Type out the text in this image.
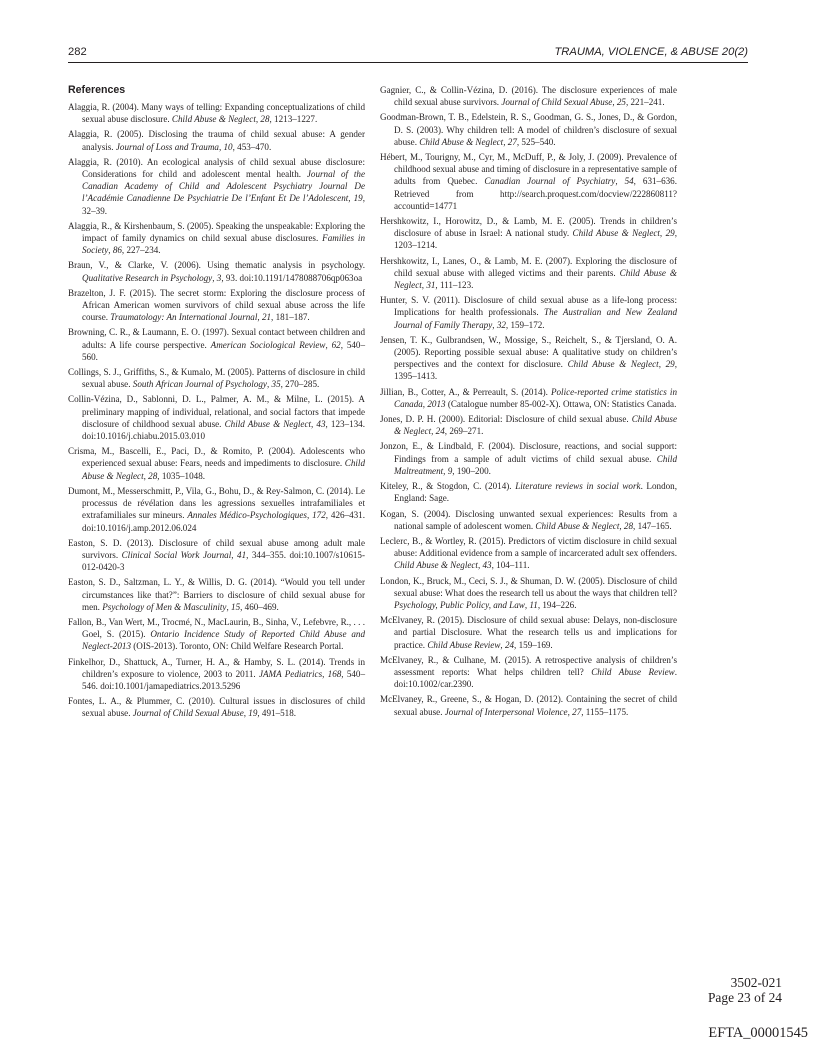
282	TRAUMA, VIOLENCE, & ABUSE 20(2)
References

Alaggia, R. (2004). Many ways of telling: Expanding conceptualizations of child sexual abuse disclosure. Child Abuse & Neglect, 28, 1213–1227.

Alaggia, R. (2005). Disclosing the trauma of child sexual abuse: A gender analysis. Journal of Loss and Trauma, 10, 453–470.

Alaggia, R. (2010). An ecological analysis of child sexual abuse disclosure: Considerations for child and adolescent mental health. Journal of the Canadian Academy of Child and Adolescent Psychiatry Journal De l’Académie Canadienne De Psychiatrie De l’Enfant Et De l’Adolescent, 19, 32–39.

Alaggia, R., & Kirshenbaum, S. (2005). Speaking the unspeakable: Exploring the impact of family dynamics on child sexual abuse disclosures. Families in Society, 86, 227–234.

Braun, V., & Clarke, V. (2006). Using thematic analysis in psychology. Qualitative Research in Psychology, 3, 93. doi:10.1191/1478088706qp063oa

Brazelton, J. F. (2015). The secret storm: Exploring the disclosure process of African American women survivors of child sexual abuse across the life course. Traumatology: An International Journal, 21, 181–187.

Browning, C. R., & Laumann, E. O. (1997). Sexual contact between children and adults: A life course perspective. American Sociological Review, 62, 540–560.

Collings, S. J., Griffiths, S., & Kumalo, M. (2005). Patterns of disclosure in child sexual abuse. South African Journal of Psychology, 35, 270–285.

Collin-Vézina, D., Sablonni, D. L., Palmer, A. M., & Milne, L. (2015). A preliminary mapping of individual, relational, and social factors that impede disclosure of childhood sexual abuse. Child Abuse & Neglect, 43, 123–134. doi:10.1016/j.chiabu.2015.03.010

Crisma, M., Bascelli, E., Paci, D., & Romito, P. (2004). Adolescents who experienced sexual abuse: Fears, needs and impediments to disclosure. Child Abuse & Neglect, 28, 1035–1048.

Dumont, M., Messerschmitt, P., Vila, G., Bohu, D., & Rey-Salmon, C. (2014). Le processus de révélation dans les agressions sexuelles intrafamiliales et extrafamiliales sur mineurs. Annales Médico-Psychologiques, 172, 426–431. doi:10.1016/j.amp.2012.06.024

Easton, S. D. (2013). Disclosure of child sexual abuse among adult male survivors. Clinical Social Work Journal, 41, 344–355. doi:10.1007/s10615-012-0420-3

Easton, S. D., Saltzman, L. Y., & Willis, D. G. (2014). “Would you tell under circumstances like that?”: Barriers to disclosure of child sexual abuse for men. Psychology of Men & Masculinity, 15, 460–469.

Fallon, B., Van Wert, M., Trocmé, N., MacLaurin, B., Sinha, V., Lefebvre, R., . . . Goel, S. (2015). Ontario Incidence Study of Reported Child Abuse and Neglect-2013 (OIS-2013). Toronto, ON: Child Welfare Research Portal.

Finkelhor, D., Shattuck, A., Turner, H. A., & Hamby, S. L. (2014). Trends in children’s exposure to violence, 2003 to 2011. JAMA Pediatrics, 168, 540–546. doi:10.1001/jamapediatrics.2013.5296

Fontes, L. A., & Plummer, C. (2010). Cultural issues in disclosures of child sexual abuse. Journal of Child Sexual Abuse, 19, 491–518.

Gagnier, C., & Collin-Vézina, D. (2016). The disclosure experiences of male child sexual abuse survivors. Journal of Child Sexual Abuse, 25, 221–241.

Goodman-Brown, T. B., Edelstein, R. S., Goodman, G. S., Jones, D., & Gordon, D. S. (2003). Why children tell: A model of children’s disclosure of sexual abuse. Child Abuse & Neglect, 27, 525–540.

Hébert, M., Tourigny, M., Cyr, M., McDuff, P., & Joly, J. (2009). Prevalence of childhood sexual abuse and timing of disclosure in a representative sample of adults from Quebec. Canadian Journal of Psychiatry, 54, 631–636. Retrieved from http://search.proquest.com/docview/222860811?accountid=14771

Hershkowitz, I., Horowitz, D., & Lamb, M. E. (2005). Trends in children’s disclosure of abuse in Israel: A national study. Child Abuse & Neglect, 29, 1203–1214.

Hershkowitz, I., Lanes, O., & Lamb, M. E. (2007). Exploring the disclosure of child sexual abuse with alleged victims and their parents. Child Abuse & Neglect, 31, 111–123.

Hunter, S. V. (2011). Disclosure of child sexual abuse as a life-long process: Implications for health professionals. The Australian and New Zealand Journal of Family Therapy, 32, 159–172.

Jensen, T. K., Gulbrandsen, W., Mossige, S., Reichelt, S., & Tjersland, O. A. (2005). Reporting possible sexual abuse: A qualitative study on children’s perspectives and the context for disclosure. Child Abuse & Neglect, 29, 1395–1413.

Jillian, B., Cotter, A., & Perreault, S. (2014). Police-reported crime statistics in Canada, 2013 (Catalogue number 85-002-X). Ottawa, ON: Statistics Canada.

Jones, D. P. H. (2000). Editorial: Disclosure of child sexual abuse. Child Abuse & Neglect, 24, 269–271.

Jonzon, E., & Lindbald, F. (2004). Disclosure, reactions, and social support: Findings from a sample of adult victims of child sexual abuse. Child Maltreatment, 9, 190–200.

Kiteley, R., & Stogdon, C. (2014). Literature reviews in social work. London, England: Sage.

Kogan, S. (2004). Disclosing unwanted sexual experiences: Results from a national sample of adolescent women. Child Abuse & Neglect, 28, 147–165.

Leclerc, B., & Wortley, R. (2015). Predictors of victim disclosure in child sexual abuse: Additional evidence from a sample of incarcerated adult sex offenders. Child Abuse & Neglect, 43, 104–111.

London, K., Bruck, M., Ceci, S. J., & Shuman, D. W. (2005). Disclosure of child sexual abuse: What does the research tell us about the ways that children tell? Psychology, Public Policy, and Law, 11, 194–226.

McElvaney, R. (2015). Disclosure of child sexual abuse: Delays, non-disclosure and partial Disclosure. What the research tells us and implications for practice. Child Abuse Review, 24, 159–169.

McElvaney, R., & Culhane, M. (2015). A retrospective analysis of children’s assessment reports: What helps children tell? Child Abuse Review. doi:10.1002/car.2390.

McElvaney, R., Greene, S., & Hogan, D. (2012). Containing the secret of child sexual abuse. Journal of Interpersonal Violence, 27, 1155–1175.

3502-021
Page 23 of 24
EFTA_00001545
